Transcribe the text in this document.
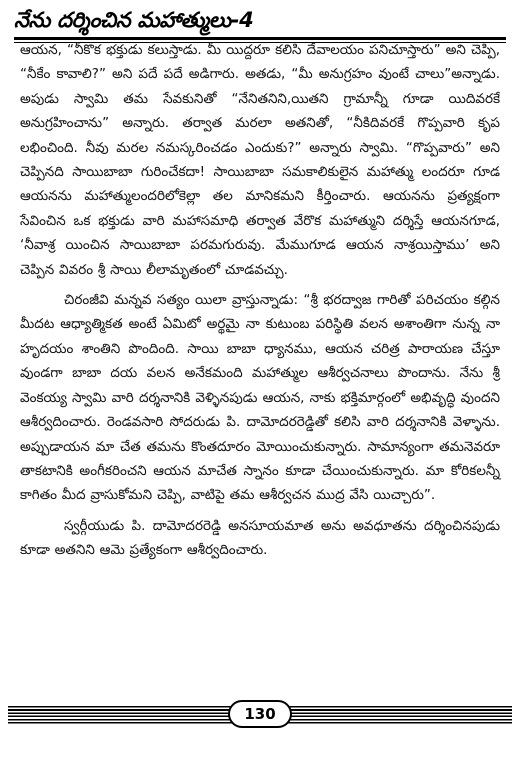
నేను దర్శించిన మహాత్ములు-4

ఆయన, “నీకొక భక్తుడు కలుస్తాడు. మీ యిద్దరూ కలిసి దేవాలయం పనిచూస్తారు” అని చెప్పి, “నీకేం కావాలి?” అని పదే పదే అడిగారు. అతడు, “మీ అనుగ్రహం వుంటే చాలు”అన్నాడు. అపుడు స్వామి తమ సేవకునితో “నేనితనిని,యితని గ్రామాన్నీ గూడా యిదివరకే అనుగ్రహించాను” అన్నారు. తర్వాత మరలా అతనితో, “నీకిదివరకే గొప్పవారి కృప లభించింది. నీవు మరల నమస్కరించడం ఎందుకు?” అన్నారు స్వామి. “గొప్పవారు” అని చెప్పినది సాయిబాబా గురించేకదా! సాయిబాబా సమకాలికులైన మహాత్ము లందరూ గూడ ఆయనను మహాత్ములందరిలోకెల్లా తల మానికమని కీర్తించారు. ఆయనను ప్రత్యక్షంగా సేవించిన ఒక భక్తుడు వారి మహాసమాధి తర్వాత వేరొక మహాత్ముని దర్శిస్తే ఆయనగూడ, ‘నీవాశ్ర యించిన సాయిబాబా పరమగురువు. మేముగూడ ఆయన నాశ్రయిస్తాము’ అని చెప్పిన వివరం శ్రీ సాయి లీలామృతంలో చూడవచ్చు.

చిరంజీవి మన్నవ సత్యం యిలా వ్రాస్తున్నాడు: “శ్రీ భరద్వాజ గారితో పరిచయం కల్గిన మీదట ఆధ్యాత్మికత అంటే ఏమిటో అర్థమై నా కుటుంబ పరిస్థితి వలన అశాంతిగా నున్న నా హృదయం శాంతిని పొందింది. సాయి బాబా ధ్యానము, ఆయన చరిత్ర పారాయణ చేస్తూ వుండగా బాబా దయ వలన అనేకమంది మహాత్ముల ఆశీర్వచనాలు పొందాను. నేను శ్రీ వెంకయ్య స్వామి వారి దర్శనానికి వెళ్ళినపుడు ఆయన, నాకు భక్తిమార్గంలో అభివృద్ధి వుందని ఆశీర్వదించారు. రెండవసారి సోదరుడు పి. దామోదరరెడ్డితో కలిసి వారి దర్శనానికి వెళ్ళాను. అప్పుడాయన మా చేత తమను కొంతదూరం మోయించుకున్నారు. సామాన్యంగా తమనెవరూ తాకటానికి అంగీకరించని ఆయన మాచేత స్నానం కూడా చేయించుకున్నారు. మా కోరికలన్నీ కాగితం మీద వ్రాసుకోమని చెప్పి, వాటిపై తమ ఆశీర్వచన ముద్ర వేసి యిచ్చారు”.

స్వర్గీయుడు పి. దామోదరరెడ్డి అనసూయమాత అను అవధూతను దర్శించినపుడు కూడా అతనిని ఆమె ప్రత్యేకంగా ఆశీర్వదించారు.

130
